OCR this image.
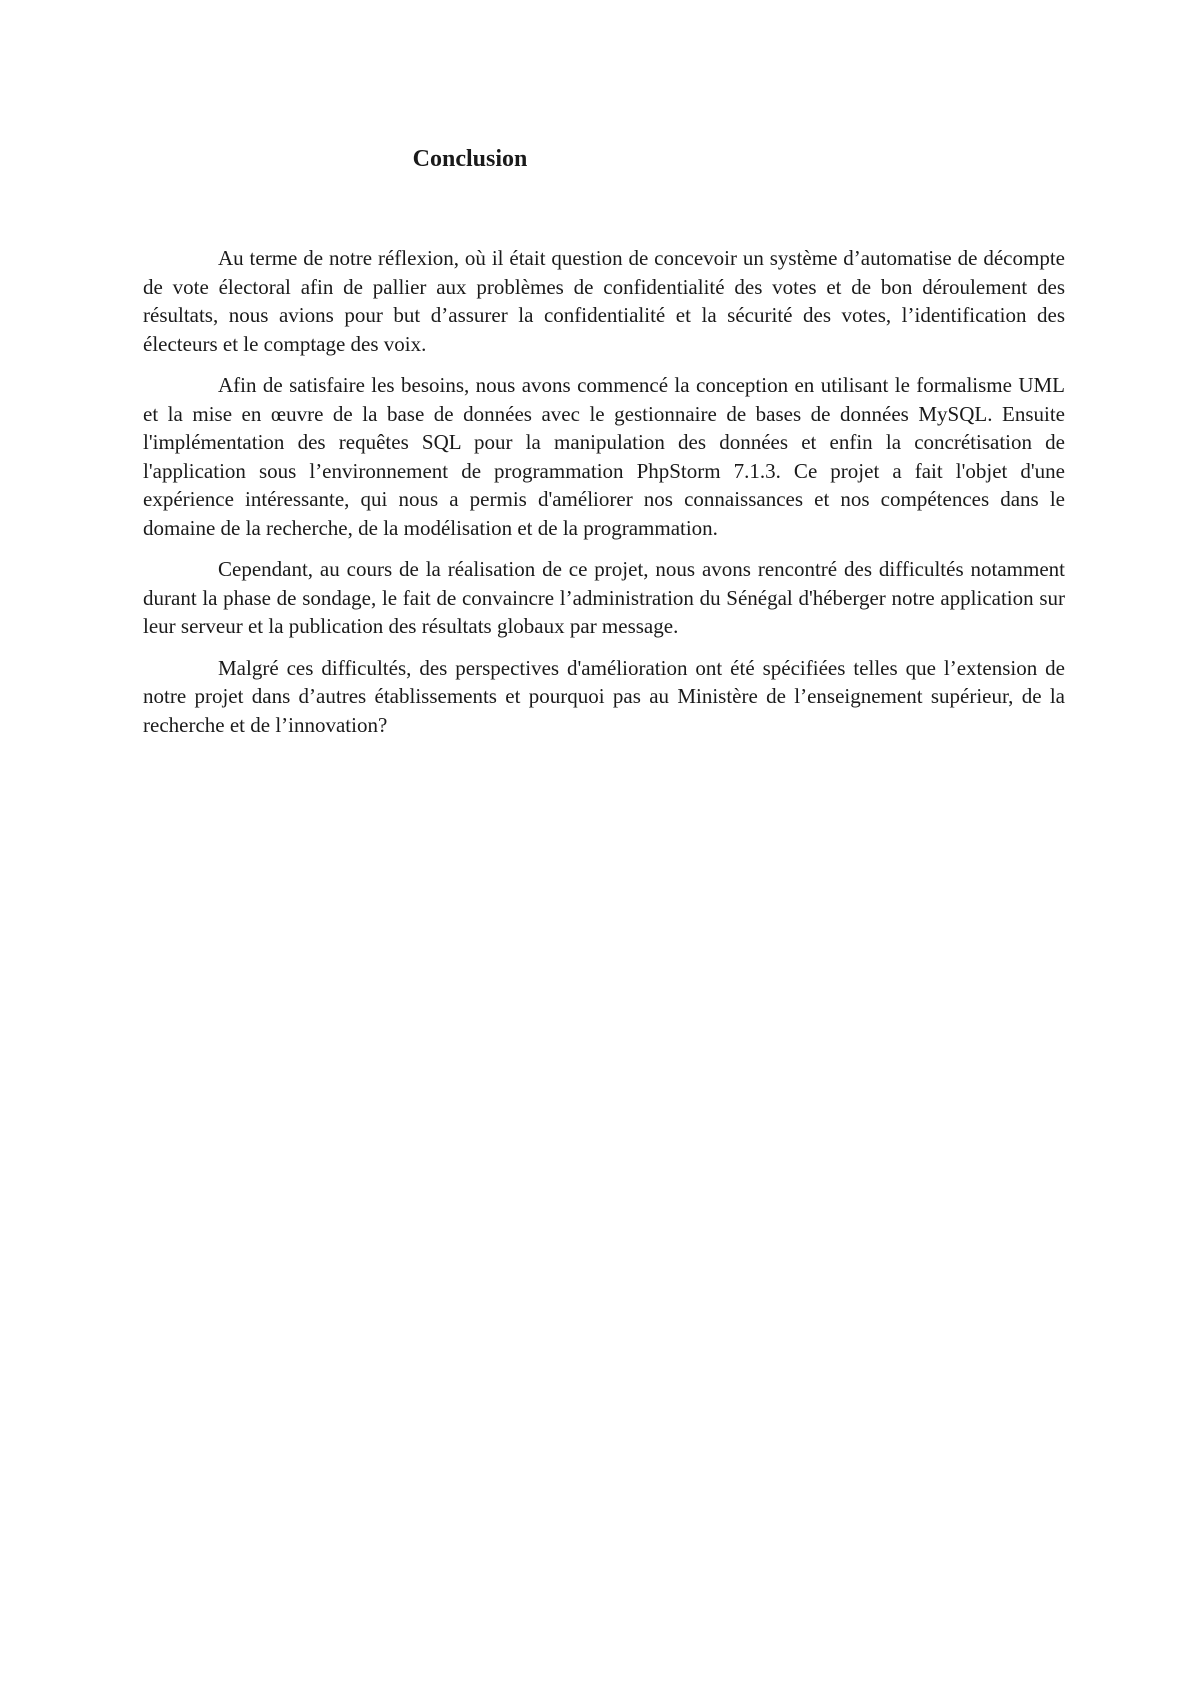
Conclusion

Au terme de notre réflexion, où il était question de concevoir un système d’automatise de décompte de vote électoral afin de pallier aux problèmes de confidentialité des votes et de bon déroulement des résultats, nous avions pour but d’assurer la confidentialité et la sécurité des votes, l’identification des électeurs et le comptage des voix.

Afin de satisfaire les besoins, nous avons commencé la conception en utilisant le formalisme UML et la mise en œuvre de la base de données avec le gestionnaire de bases de données MySQL. Ensuite l'implémentation des requêtes SQL pour la manipulation des données et enfin la concrétisation de l'application sous l’environnement de programmation PhpStorm 7.1.3. Ce projet a fait l'objet d'une expérience intéressante, qui nous a permis d'améliorer nos connaissances et nos compétences dans le domaine de la recherche, de la modélisation et de la programmation.

Cependant, au cours de la réalisation de ce projet, nous avons rencontré des difficultés notamment durant la phase de sondage, le fait de convaincre l’administration du Sénégal d'héberger notre application sur leur serveur et la publication des résultats globaux par message.

Malgré ces difficultés, des perspectives d'amélioration ont été spécifiées telles que l’extension de notre projet dans d’autres établissements et pourquoi pas au Ministère de l’enseignement supérieur, de la recherche et de l’innovation?
